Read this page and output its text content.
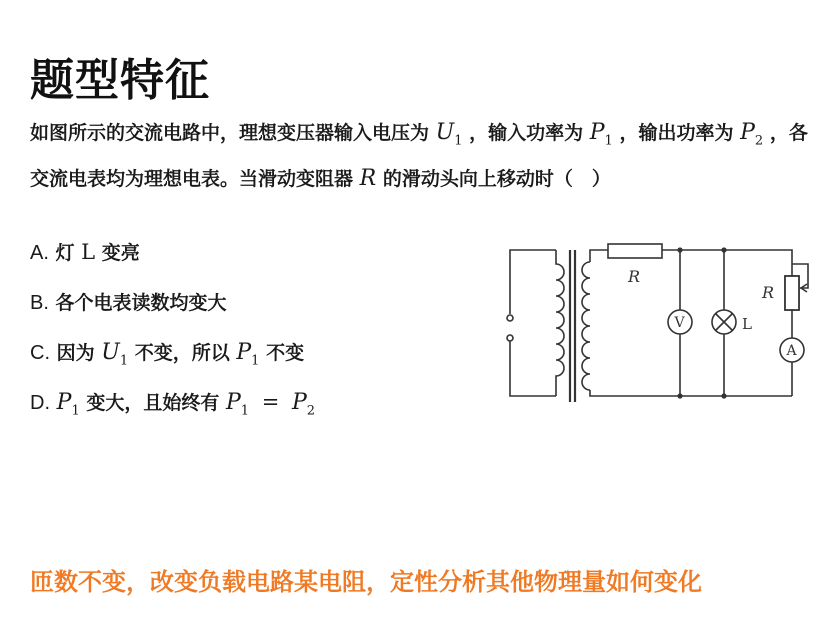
题型特征
如图所示的交流电路中，理想变压器输入电压为 $U_1$ ，输入功率为 $P_1$ ，输出功率为 $P_2$ ，各交流电表均为理想电表。当滑动变阻器 R 的滑动头向上移动时（　）
A. 灯 L 变亮
B. 各个电表读数均变大
C. 因为 $U_1$ 不变，所以 $P_1$ 不变
D. $P_1$ 变大，且始终有 $P_1 = P_2$
R
R
V	L
A
匝数不变，改变负载电路某电阻，定性分析其他物理量如何变化
